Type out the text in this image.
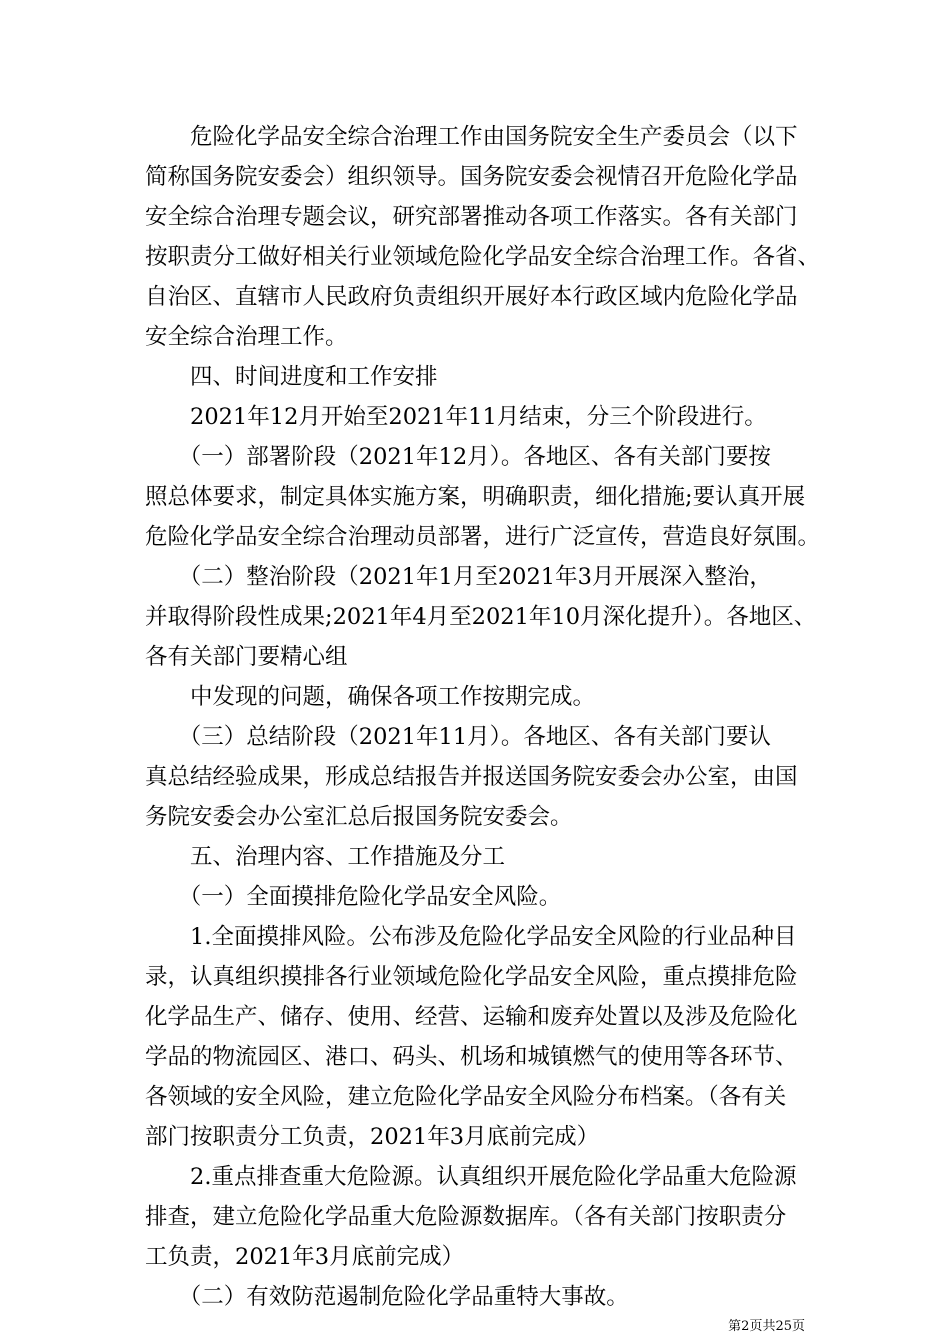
　　危险化学品安全综合治理工作由国务院安全生产委员会（以下
简称国务院安委会）组织领导。国务院安委会视情召开危险化学品
安全综合治理专题会议，研究部署推动各项工作落实。各有关部门
按职责分工做好相关行业领域危险化学品安全综合治理工作。各省、
自治区、直辖市人民政府负责组织开展好本行政区域内危险化学品
安全综合治理工作。
　　四、时间进度和工作安排
　　2021年12月开始至2021年11月结束，分三个阶段进行。
　　（一）部署阶段（2021年12月）。各地区、各有关部门要按
照总体要求，制定具体实施方案，明确职责，细化措施;要认真开展
危险化学品安全综合治理动员部署，进行广泛宣传，营造良好氛围。
　　（二）整治阶段（2021年1月至2021年3月开展深入整治，
并取得阶段性成果;2021年4月至2021年10月深化提升）。各地区、
各有关部门要精心组
　　中发现的问题，确保各项工作按期完成。
　　（三）总结阶段（2021年11月）。各地区、各有关部门要认
真总结经验成果，形成总结报告并报送国务院安委会办公室，由国
务院安委会办公室汇总后报国务院安委会。
　　五、治理内容、工作措施及分工
　　（一）全面摸排危险化学品安全风险。
　　1.全面摸排风险。公布涉及危险化学品安全风险的行业品种目
录，认真组织摸排各行业领域危险化学品安全风险，重点摸排危险
化学品生产、储存、使用、经营、运输和废弃处置以及涉及危险化
学品的物流园区、港口、码头、机场和城镇燃气的使用等各环节、
各领域的安全风险，建立危险化学品安全风险分布档案。（各有关
部门按职责分工负责，2021年3月底前完成）
　　2.重点排查重大危险源。认真组织开展危险化学品重大危险源
排查，建立危险化学品重大危险源数据库。（各有关部门按职责分
工负责，2021年3月底前完成）
　　（二）有效防范遏制危险化学品重特大事故。
第2页共25页
